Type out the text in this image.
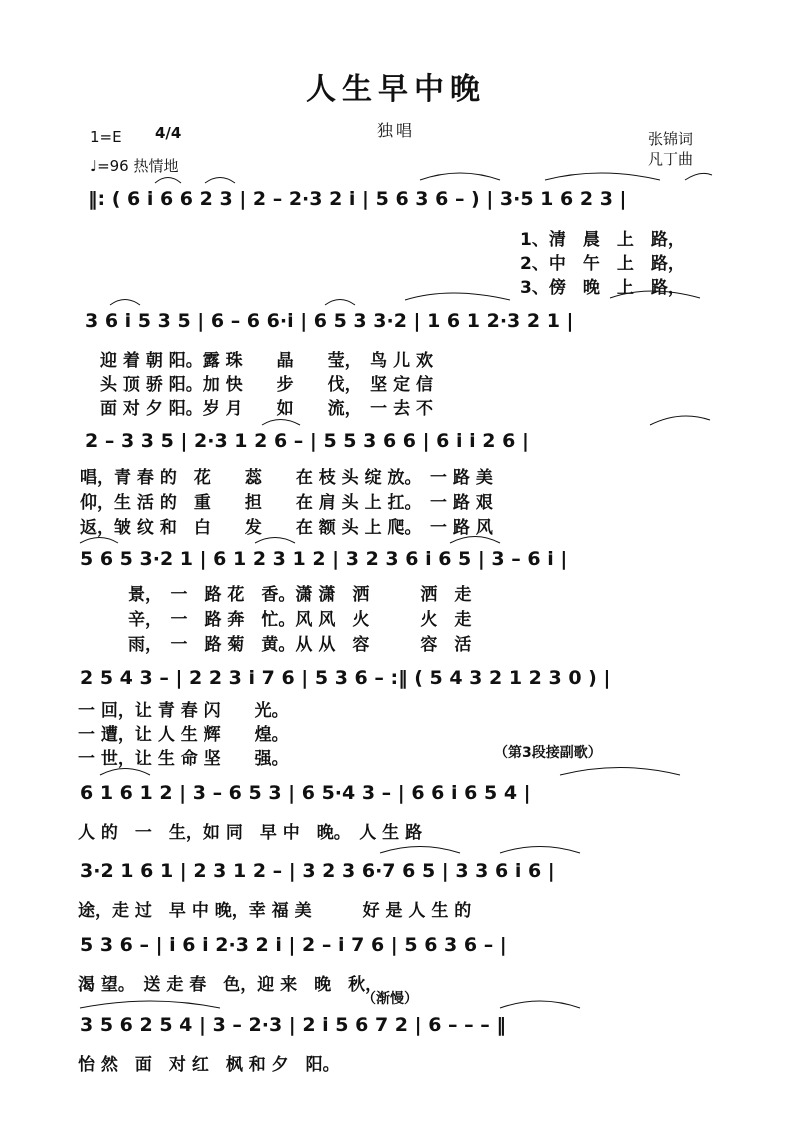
人生早中晚
独唱
1=E 4/4
♩=96 热情地
张锦词
凡丁曲
‖: ( 6 i 6 6 2 3 | 2 – 2·3 2 i | 5 6 3 6 – ) | 3·5 1 6 2 3 |
1、清　晨　上　路，
2、中　午　上　路，
3、傍　晚　上　路，
3 6 i 5 3 5 | 6 – 6 6·i | 6 5 3 3·2 | 1 6 1 2·3 2 1 |
迎 着 朝 阳。露 珠　　晶　　莹，　鸟 儿 欢
头 顶 骄 阳。加 快　　步　　伐，　坚 定 信
面 对 夕 阳。岁 月　　如　　流，　一 去 不
2 – 3 3 5 | 2·3 1 2 6 – | 5 5 3 6 6 | 6 i i 2 6 |
唱，青 春 的　花　　蕊　　在 枝 头 绽 放。　一 路 美
仰，生 活 的　重　　担　　在 肩 头 上 扛。　一 路 艰
返，皱 纹 和　白　　发　　在 额 头 上 爬。　一 路 风
5 6 5 3·2 1 | 6 1 2 3 1 2 | 3 2 3 6 i 6 5 | 3 – 6 i |
景，　一　路 花　香。潇 潇　洒　　　洒　走
辛，　一　路 奔　忙。风 风　火　　　火　走
雨，　一　路 菊　黄。从 从　容　　　容　活
2 5 4 3 – | 2 2 3 i 7 6 | 5 3 6 – :‖ ( 5 4 3 2 1 2 3 0 ) |
一 回，让 青 春 闪　　光。
一 遭，让 人 生 辉　　煌。
一 世，让 生 命 坚　　强。	（第3段接副歌）
6 1 6 1 2 | 3 – 6 5 3 | 6 5·4 3 – | 6 6 i 6 5 4 |
人 的　一　生，如 同　早 中　晚。　人 生 路
3·2 1 6 1 | 2 3 1 2 – | 3 2 3 6·7 6 5 | 3 3 6 i 6 |
途，走 过　早 中 晚，幸 福 美　　　好 是 人 生 的
5 3 6 – | i 6 i 2·3 2 i | 2 – i 7 6 | 5 6 3 6 – |
渴 望。　送 走 春　色，迎 来　晚　秋，
（渐慢）
3 5 6 2 5 4 | 3 – 2·3 | 2 i 5 6 7 2 | 6 – – – ‖
怡 然　面　对 红　枫 和 夕　阳。
